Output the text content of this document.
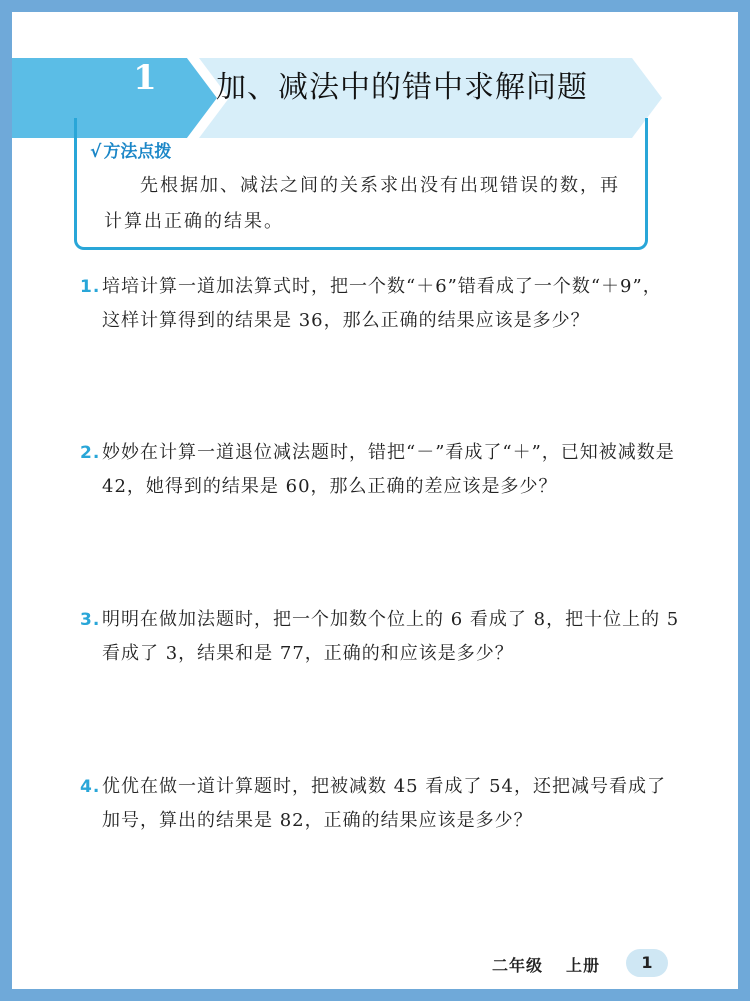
1	加、减法中的错中求解问题
√ 方法点拨
先根据加、减法之间的关系求出没有出现错误的数，再计算出正确的结果。
1. 培培计算一道加法算式时，把一个数“＋6”错看成了一个数“＋9”，这样计算得到的结果是 36，那么正确的结果应该是多少？
2. 妙妙在计算一道退位减法题时，错把“－”看成了“＋”，已知被减数是 42，她得到的结果是 60，那么正确的差应该是多少？
3. 明明在做加法题时，把一个加数个位上的 6 看成了 8，把十位上的 5 看成了 3，结果和是 77，正确的和应该是多少？
4. 优优在做一道计算题时，把被减数 45 看成了 54，还把减号看成了加号，算出的结果是 82，正确的结果应该是多少？
二年级 上册	1
